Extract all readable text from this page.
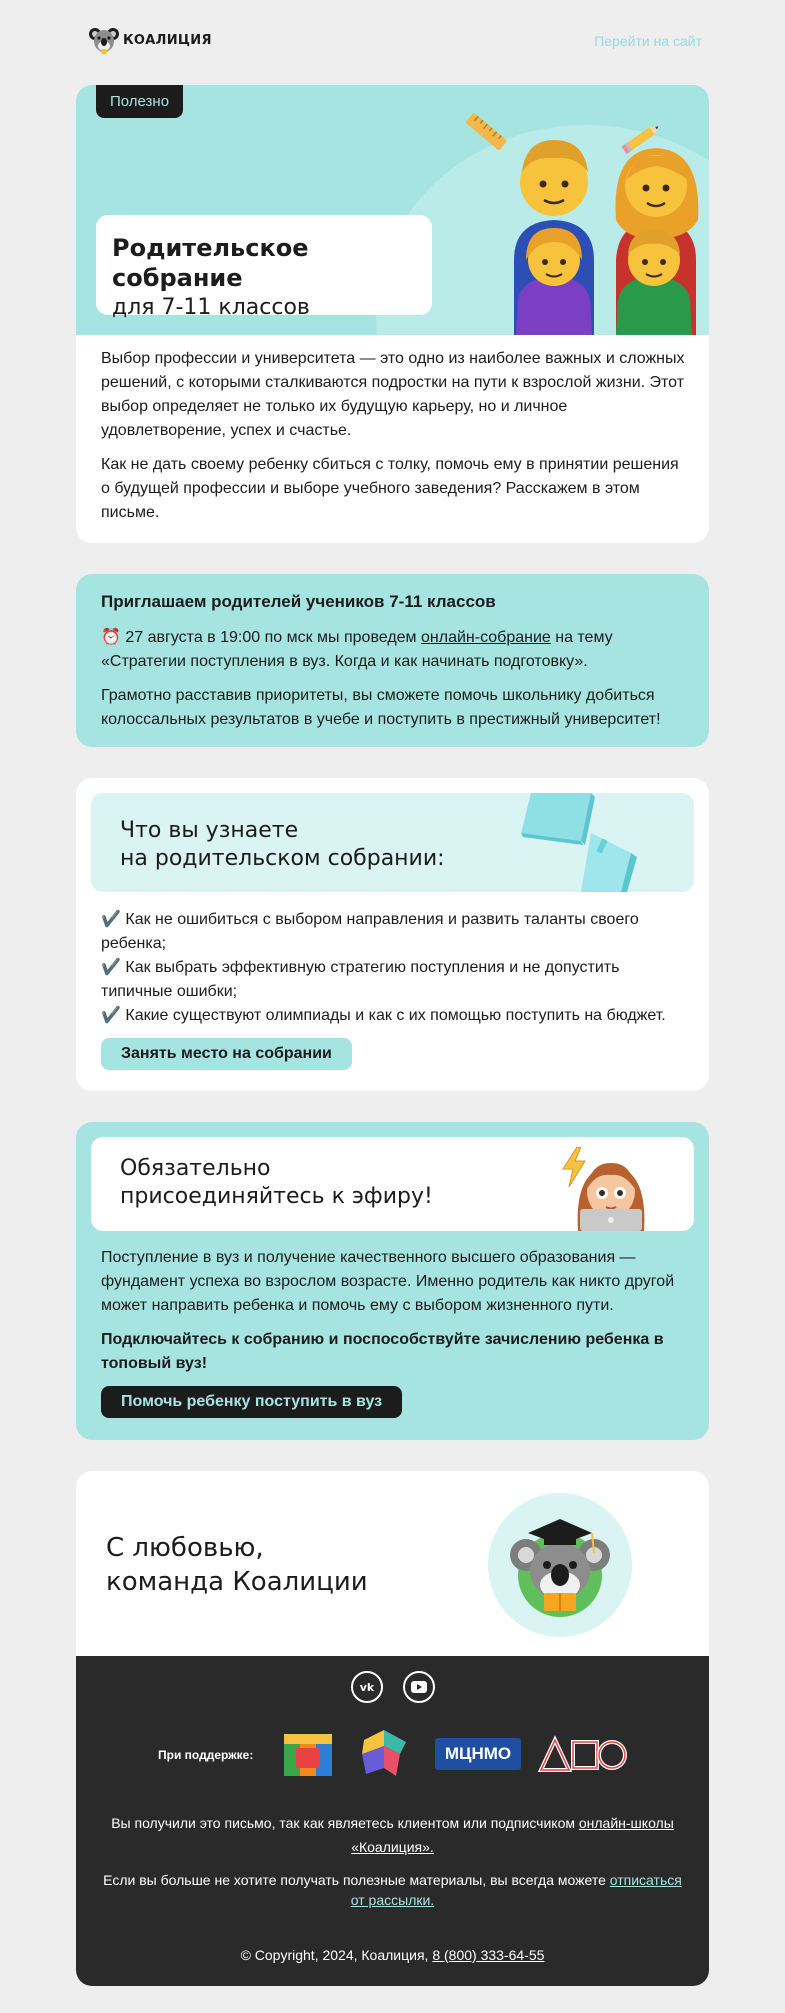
КОАЛИЦИЯ	Перейти на сайт
Полезно
Родительское собрание
для 7-11 классов

Выбор профессии и университета — это одно из наиболее важных и сложных решений, с которыми сталкиваются подростки на пути к взрослой жизни. Этот выбор определяет не только их будущую карьеру, но и личное удовлетворение, успех и счастье.

Как не дать своему ребенку сбиться с толку, помочь ему в принятии решения о будущей профессии и выборе учебного заведения? Расскажем в этом письме.

Приглашаем родителей учеников 7-11 классов

⏰ 27 августа в 19:00 по мск мы проведем онлайн-собрание на тему «Стратегии поступления в вуз. Когда и как начинать подготовку».

Грамотно расставив приоритеты, вы сможете помочь школьнику добиться колоссальных результатов в учебе и поступить в престижный университет!

Что вы узнаете
на родительском собрании:
✔️ Как не ошибиться с выбором направления и развить таланты своего ребенка;
✔️ Как выбрать эффективную стратегию поступления и не допустить типичные ошибки;
✔️ Какие существуют олимпиады и как с их помощью поступить на бюджет.
Занять место на собрании
Обязательно
присоединяйтесь к эфиру!

Поступление в вуз и получение качественного высшего образования — фундамент успеха во взрослом возрасте. Именно родитель как никто другой может направить ребенка и помочь ему с выбором жизненного пути.

Подключайтесь к собранию и поспособствуйте зачислению ребенка в топовый вуз!

Помочь ребенку поступить в вуз
С любовью,
команда Коалиции
vk
При поддержке:	МЦНМО
Вы получили это письмо, так как являетесь клиентом или подписчиком онлайн-школы «Коалиция».
Если вы больше не хотите получать полезные материалы, вы всегда можете отписаться от рассылки.
© Copyright, 2024, Коалиция, 8 (800) 333-64-55
